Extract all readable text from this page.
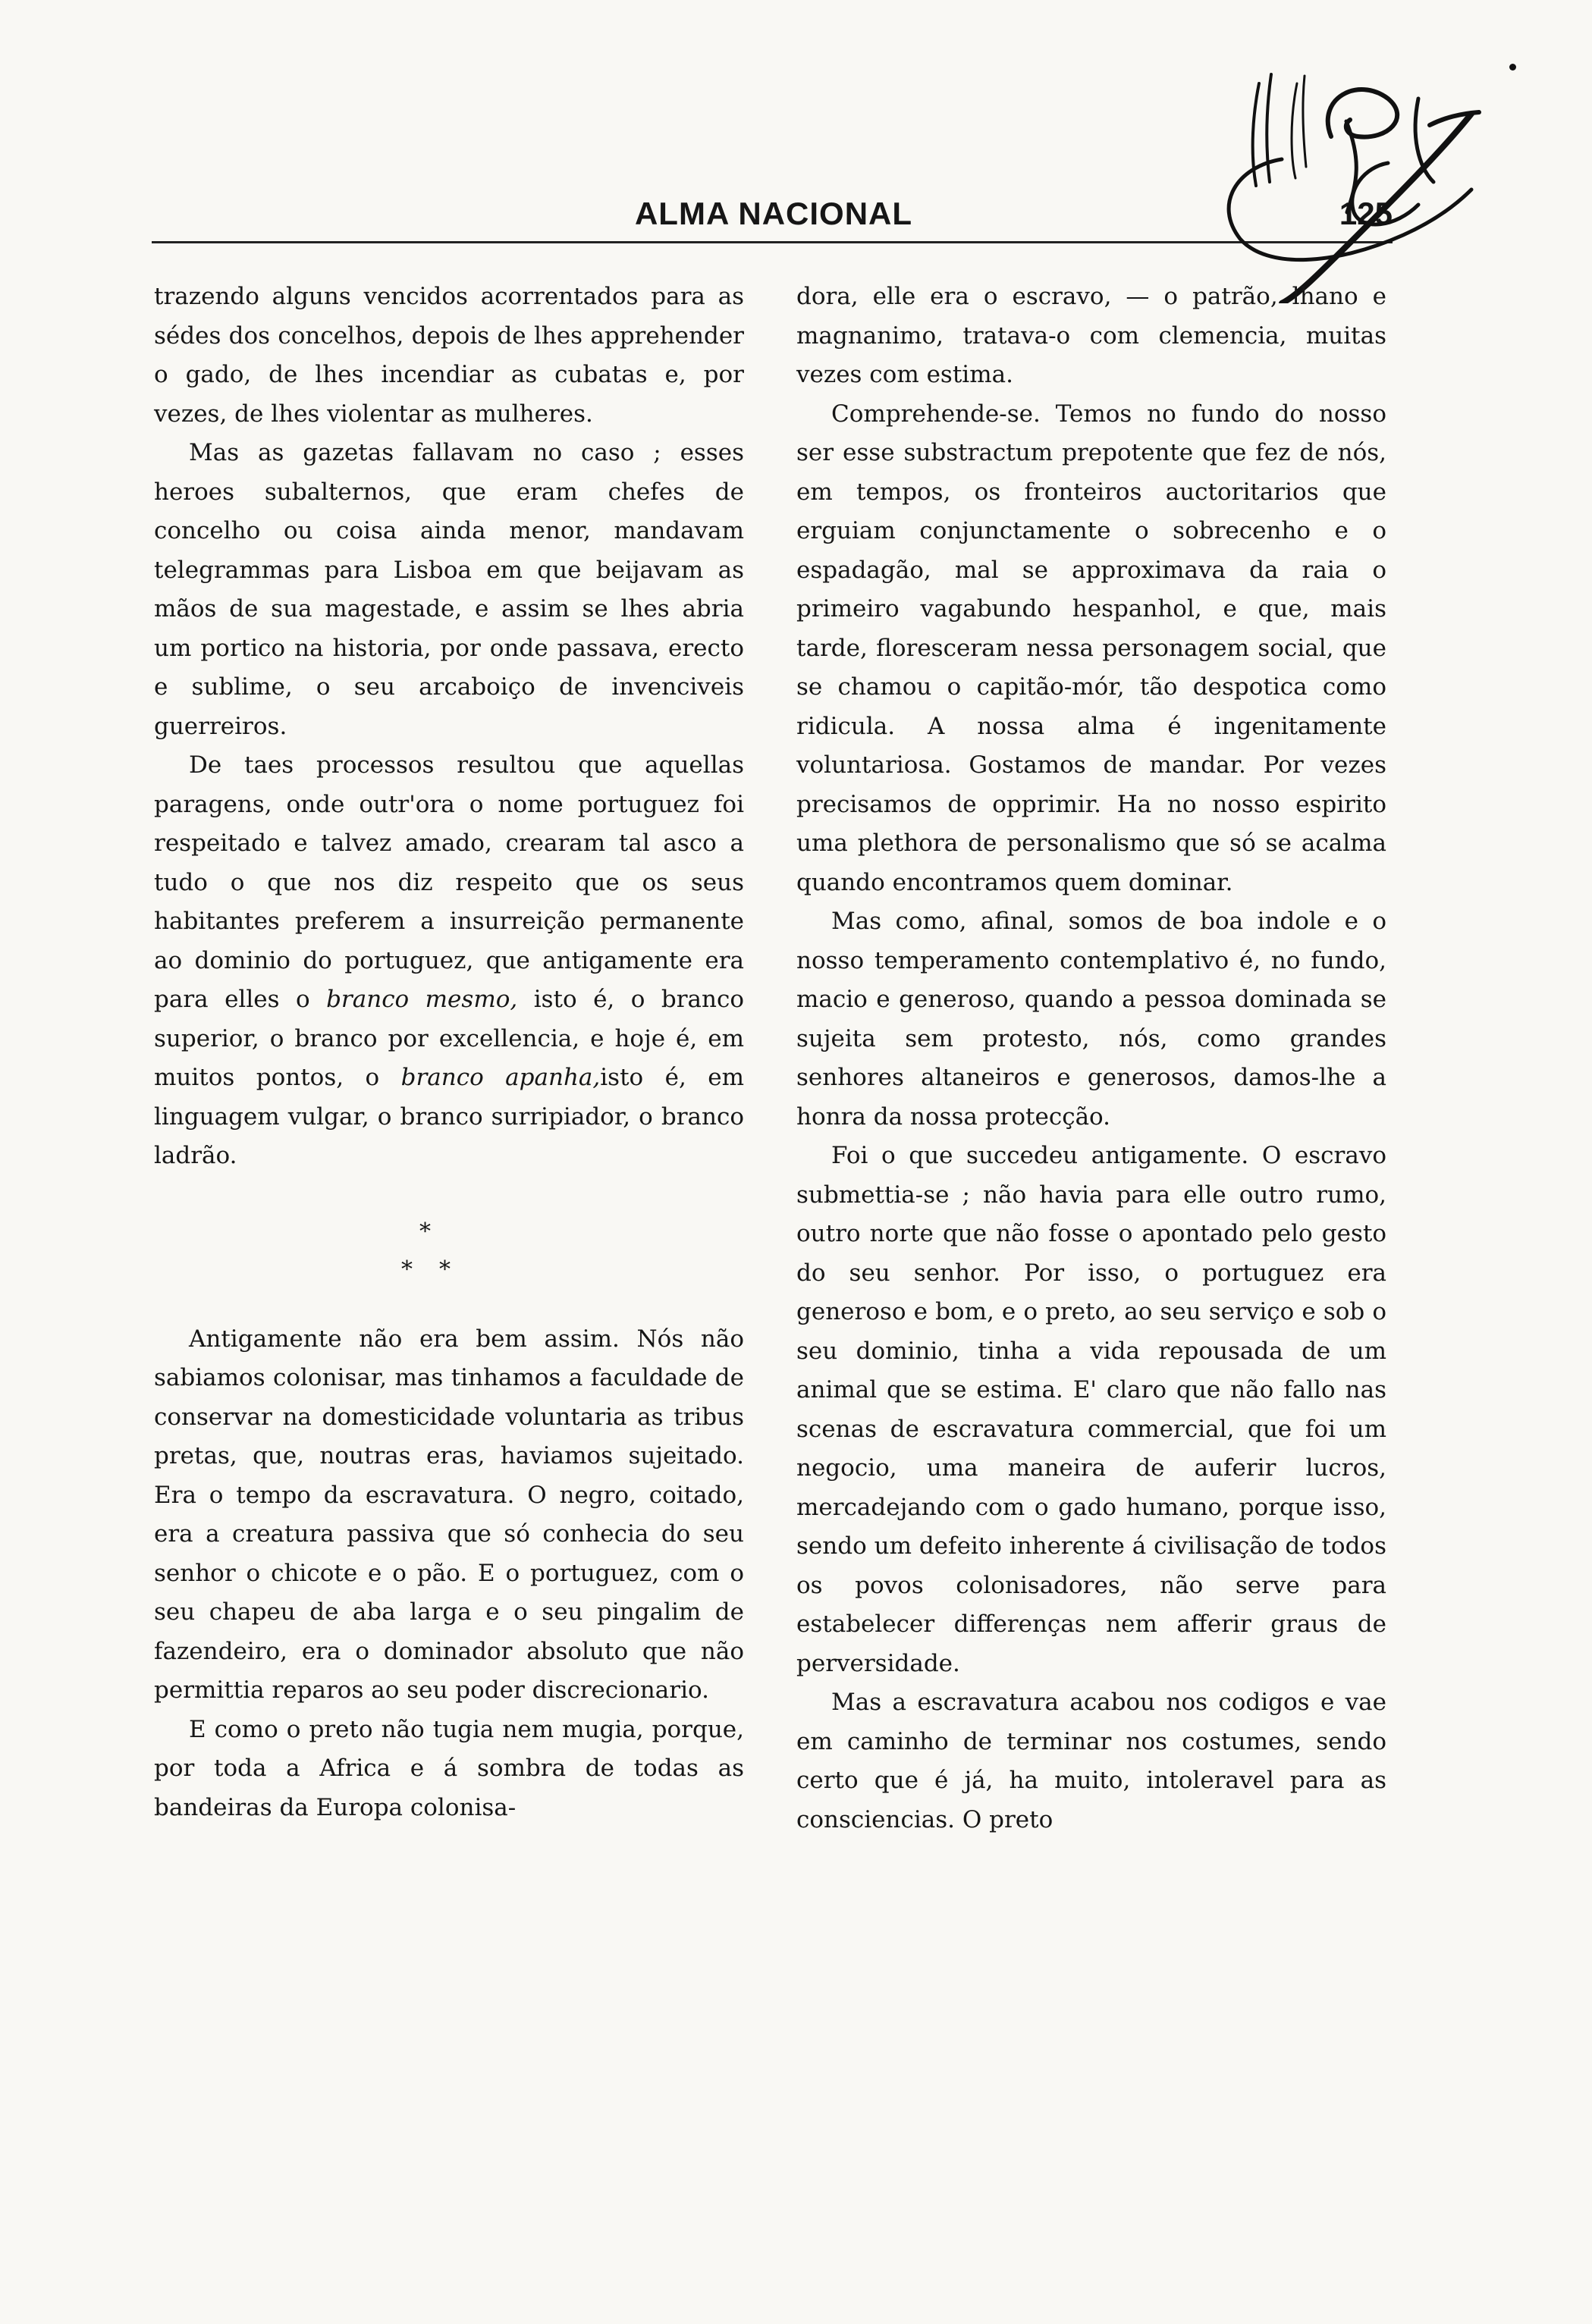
ALMA NACIONAL	125

trazendo alguns vencidos acorrentados para as sédes dos concelhos, depois de lhes apprehender o gado, de lhes incendiar as cubatas e, por vezes, de lhes violentar as mulheres.

Mas as gazetas fallavam no caso ; esses heroes subalternos, que eram chefes de concelho ou coisa ainda menor, mandavam telegrammas para Lisboa em que beijavam as mãos de sua magestade, e assim se lhes abria um portico na historia, por onde passava, erecto e sublime, o seu arcaboiço de invenciveis guerreiros.

De taes processos resultou que aquellas paragens, onde outr'ora o nome portuguez foi respeitado e talvez amado, crearam tal asco a tudo o que nos diz respeito que os seus habitantes preferem a insurreição permanente ao dominio do portuguez, que antigamente era para elles o branco mesmo, isto é, o branco superior, o branco por excellencia, e hoje é, em muitos pontos, o branco apanha,isto é, em linguagem vulgar, o branco surripiador, o branco ladrão.

*
* *

Antigamente não era bem assim. Nós não sabiamos colonisar, mas tinhamos a faculdade de conservar na domesticidade voluntaria as tribus pretas, que, noutras eras, haviamos sujeitado. Era o tempo da escravatura. O negro, coitado, era a creatura passiva que só conhecia do seu senhor o chicote e o pão. E o portuguez, com o seu chapeu de aba larga e o seu pingalim de fazendeiro, era o dominador absoluto que não permittia reparos ao seu poder discrecionario.

E como o preto não tugia nem mugia, porque, por toda a Africa e á sombra de todas as bandeiras da Europa colonisa-

dora, elle era o escravo, — o patrão, lhano e magnanimo, tratava-o com clemencia, muitas vezes com estima.

Comprehende-se. Temos no fundo do nosso ser esse substractum prepotente que fez de nós, em tempos, os fronteiros auctoritarios que erguiam conjunctamente o sobrecenho e o espadagão, mal se approximava da raia o primeiro vagabundo hespanhol, e que, mais tarde, floresceram nessa personagem social, que se chamou o capitão-mór, tão despotica como ridicula. A nossa alma é ingenitamente voluntariosa. Gostamos de mandar. Por vezes precisamos de opprimir. Ha no nosso espirito uma plethora de personalismo que só se acalma quando encontramos quem dominar.

Mas como, afinal, somos de boa indole e o nosso temperamento contemplativo é, no fundo, macio e generoso, quando a pessoa dominada se sujeita sem protesto, nós, como grandes senhores altaneiros e generosos, damos-lhe a honra da nossa protecção.

Foi o que succedeu antigamente. O escravo submettia-se ; não havia para elle outro rumo, outro norte que não fosse o apontado pelo gesto do seu senhor. Por isso, o portuguez era generoso e bom, e o preto, ao seu serviço e sob o seu dominio, tinha a vida repousada de um animal que se estima. E' claro que não fallo nas scenas de escravatura commercial, que foi um negocio, uma maneira de auferir lucros, mercadejando com o gado humano, porque isso, sendo um defeito inherente á civilisação de todos os povos colonisadores, não serve para estabelecer differenças nem afferir graus de perversidade.

Mas a escravatura acabou nos codigos e vae em caminho de terminar nos costumes, sendo certo que é já, ha muito, intoleravel para as consciencias. O preto
